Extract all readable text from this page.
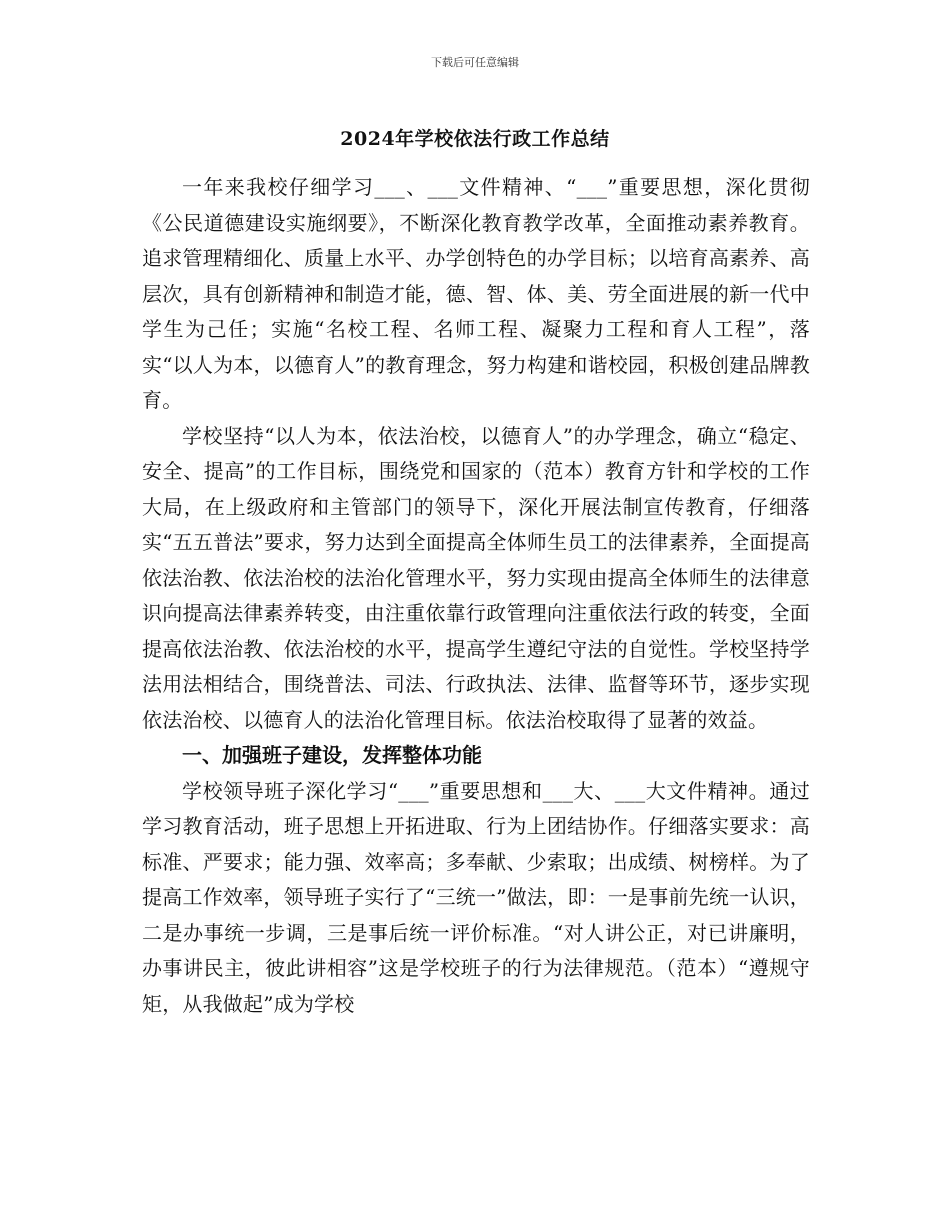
下载后可任意编辑
2024年学校依法行政工作总结

一年来我校仔细学习___、___文件精神、“___”重要思想，深化贯彻《公民道德建设实施纲要》，不断深化教育教学改革，全面推动素养教育。追求管理精细化、质量上水平、办学创特色的办学目标；以培育高素养、高层次，具有创新精神和制造才能，德、智、体、美、劳全面进展的新一代中学生为己任；实施“名校工程、名师工程、凝聚力工程和育人工程”，落实“以人为本，以德育人”的教育理念，努力构建和谐校园，积极创建品牌教育。

学校坚持“以人为本，依法治校，以德育人”的办学理念，确立“稳定、安全、提高”的工作目标，围绕党和国家的（范本）教育方针和学校的工作大局，在上级政府和主管部门的领导下，深化开展法制宣传教育，仔细落实“五五普法”要求，努力达到全面提高全体师生员工的法律素养，全面提高依法治教、依法治校的法治化管理水平，努力实现由提高全体师生的法律意识向提高法律素养转变，由注重依靠行政管理向注重依法行政的转变，全面提高依法治教、依法治校的水平，提高学生遵纪守法的自觉性。学校坚持学法用法相结合，围绕普法、司法、行政执法、法律、监督等环节，逐步实现依法治校、以德育人的法治化管理目标。依法治校取得了显著的效益。

一、加强班子建设，发挥整体功能

学校领导班子深化学习“___”重要思想和___大、___大文件精神。通过学习教育活动，班子思想上开拓进取、行为上团结协作。仔细落实要求：高标准、严要求；能力强、效率高；多奉献、少索取；出成绩、树榜样。为了提高工作效率，领导班子实行了“三统一”做法，即：一是事前先统一认识，二是办事统一步调，三是事后统一评价标准。“对人讲公正，对已讲廉明，办事讲民主，彼此讲相容”这是学校班子的行为法律规范。（范本）“遵规守矩，从我做起”成为学校
